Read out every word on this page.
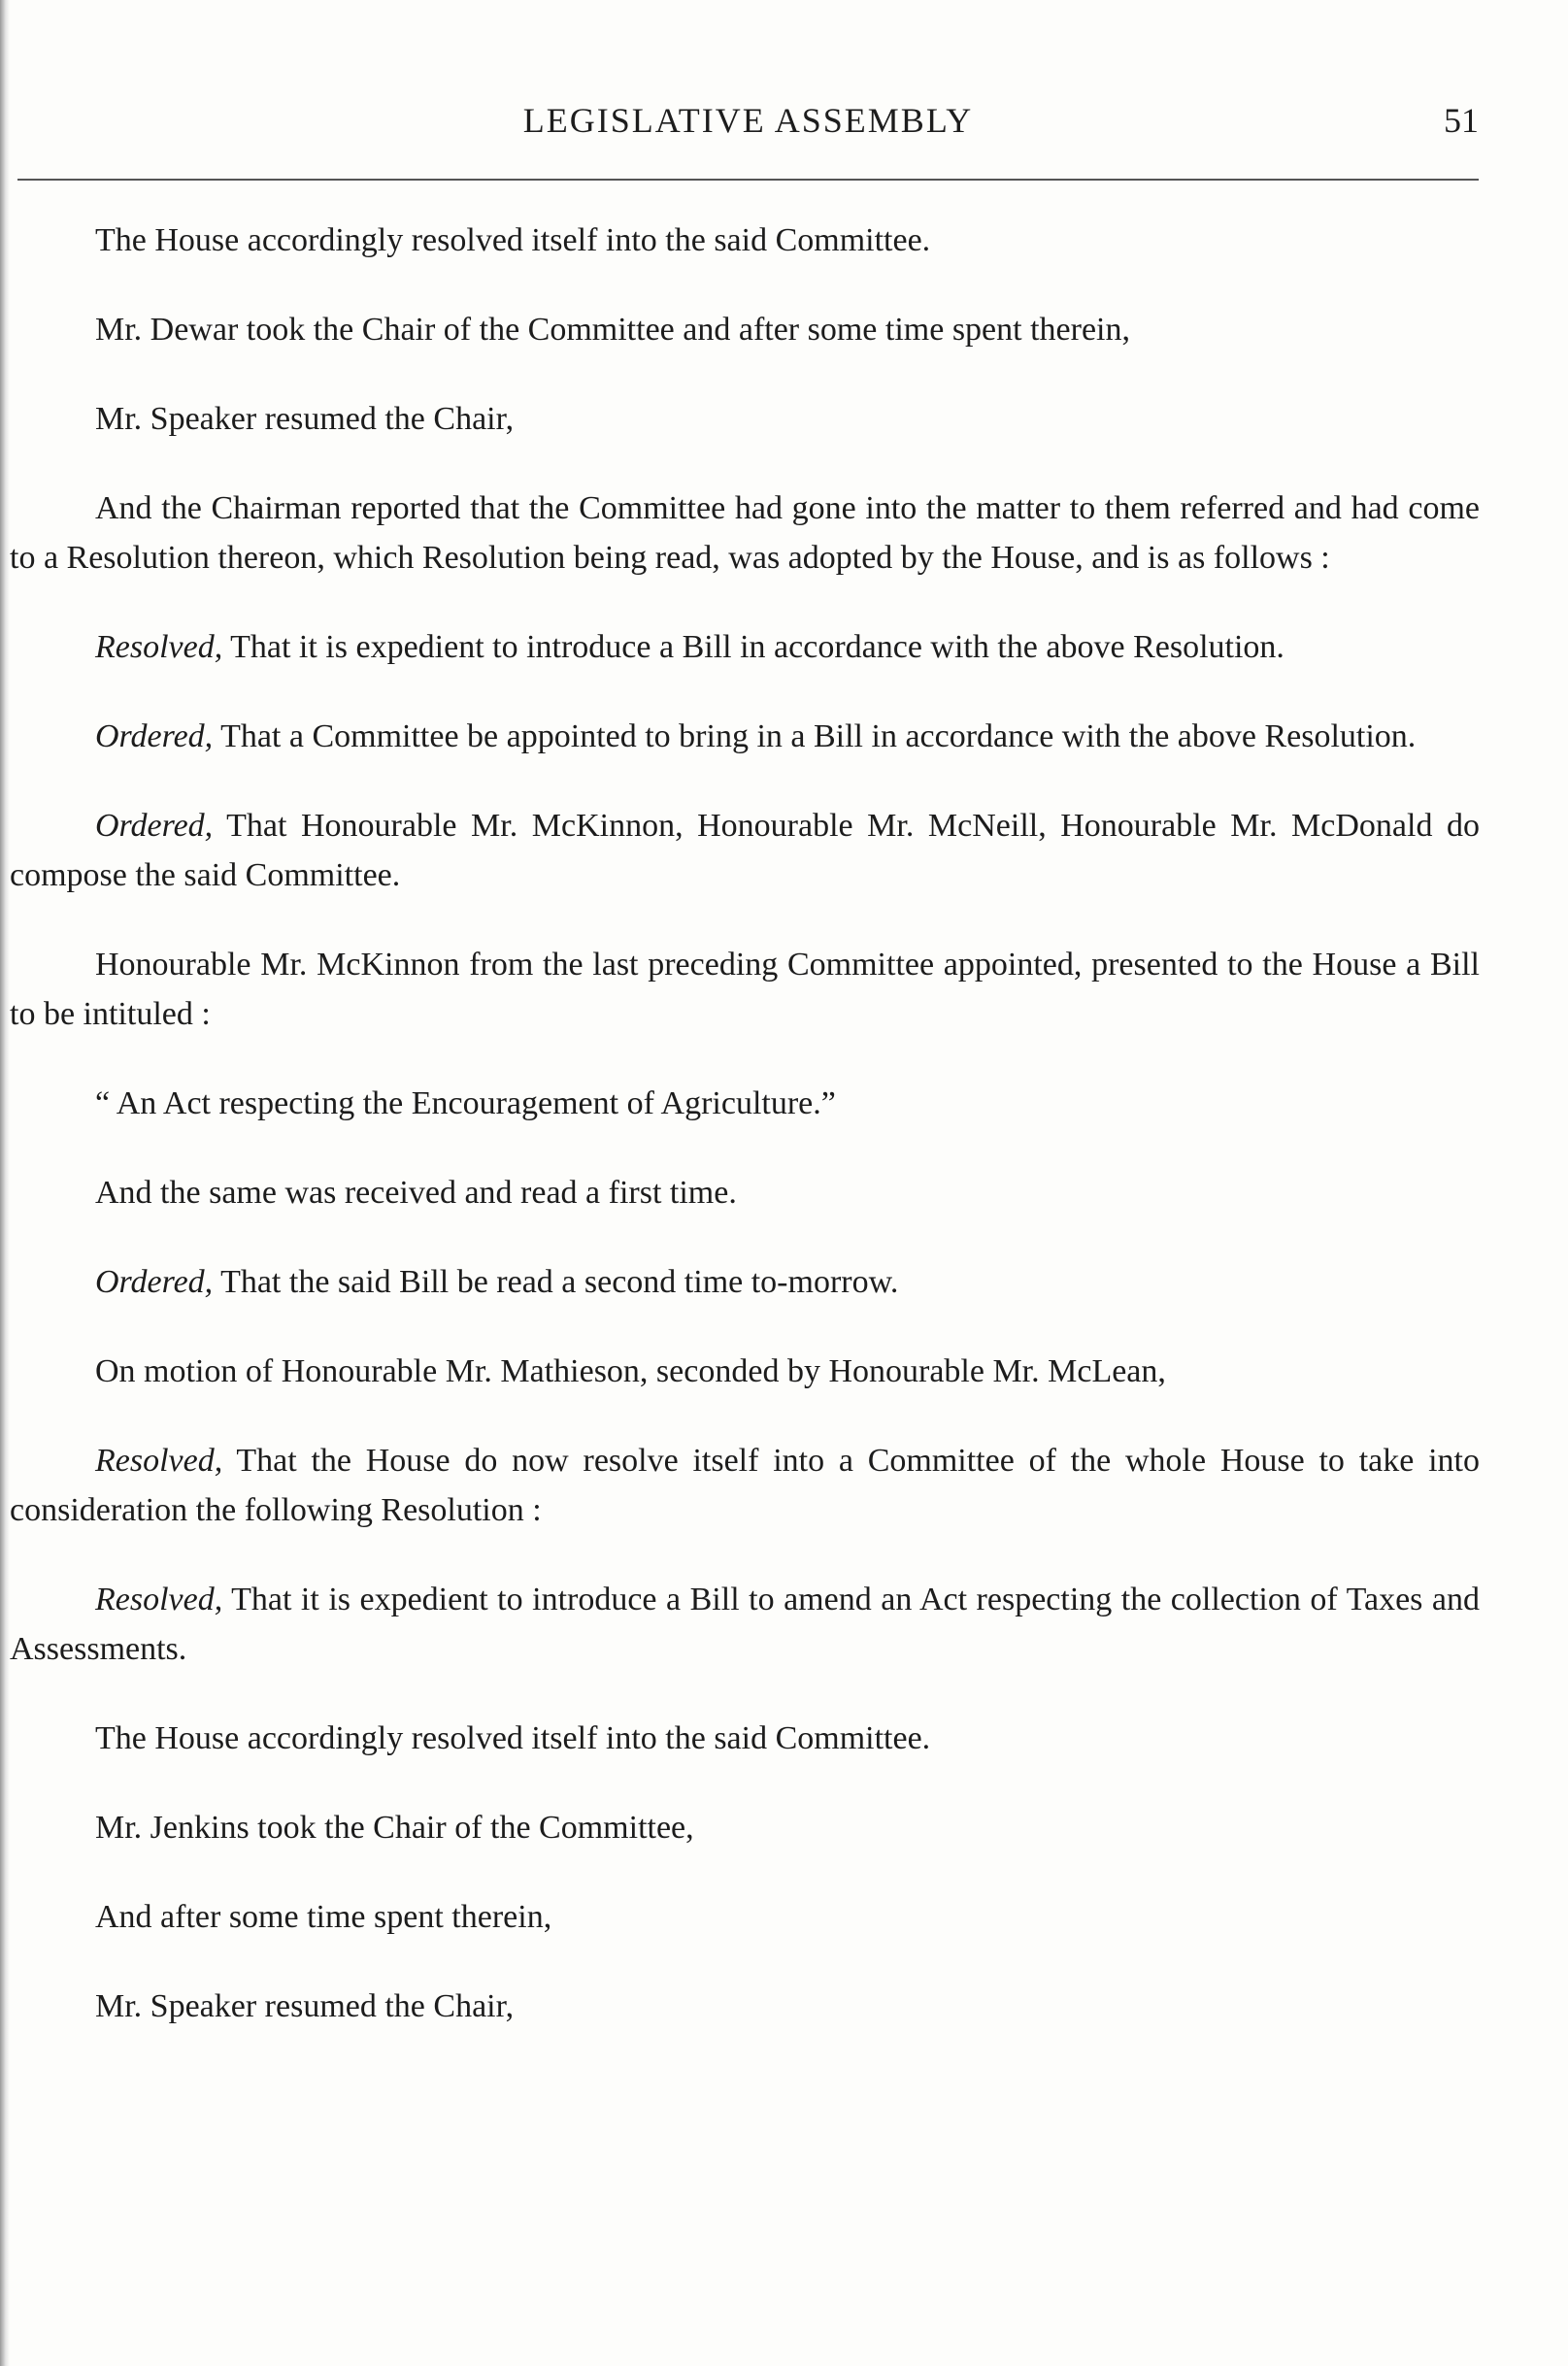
LEGISLATIVE ASSEMBLY	51

The House accordingly resolved itself into the said Committee.

Mr. Dewar took the Chair of the Committee and after some time spent therein,

Mr. Speaker resumed the Chair,

And the Chairman reported that the Committee had gone into the matter to them referred and had come to a Resolution thereon, which Resolution being read, was adopted by the House, and is as follows :

Resolved, That it is expedient to introduce a Bill in accordance with the above Resolution.

Ordered, That a Committee be appointed to bring in a Bill in accordance with the above Resolution.

Ordered, That Honourable Mr. McKinnon, Honourable Mr. McNeill, Honourable Mr. McDonald do compose the said Committee.

Honourable Mr. McKinnon from the last preceding Committee appointed, presented to the House a Bill to be intituled :

“ An Act respecting the Encouragement of Agriculture.”

And the same was received and read a first time.

Ordered, That the said Bill be read a second time to-morrow.

On motion of Honourable Mr. Mathieson, seconded by Honourable Mr. McLean,

Resolved, That the House do now resolve itself into a Committee of the whole House to take into consideration the following Resolution :

Resolved, That it is expedient to introduce a Bill to amend an Act respecting the collection of Taxes and Assessments.

The House accordingly resolved itself into the said Committee.

Mr. Jenkins took the Chair of the Committee,

And after some time spent therein,

Mr. Speaker resumed the Chair,
